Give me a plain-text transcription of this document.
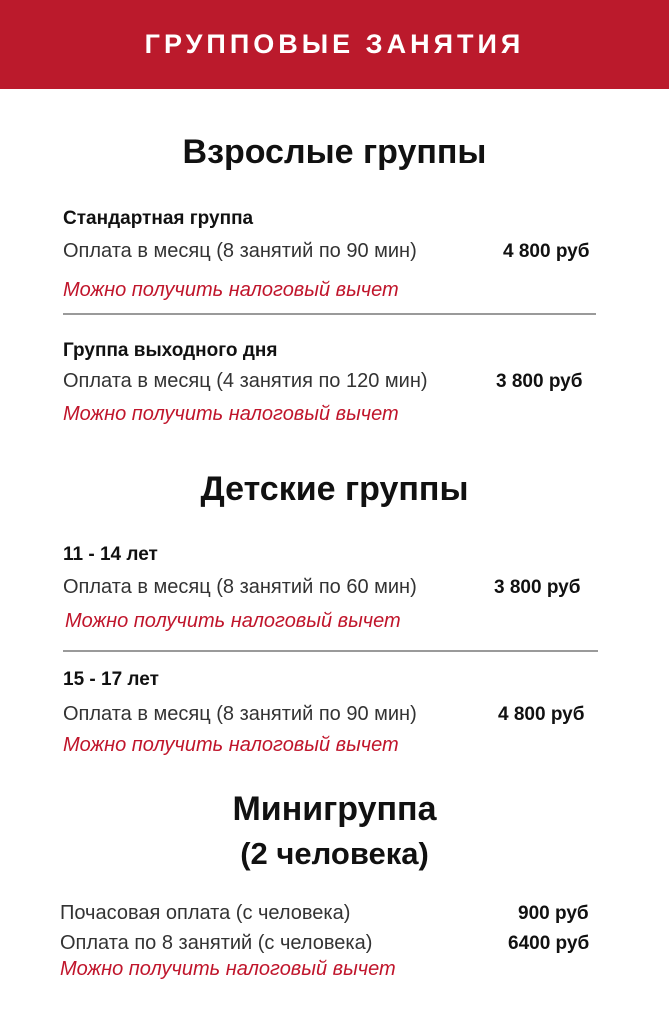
ГРУППОВЫЕ ЗАНЯТИЯ
Взрослые группы
Стандартная группа
Оплата в месяц (8 занятий по 90 мин)	4 800 руб
Можно получить налоговый вычет
Группа выходного дня
Оплата в месяц (4 занятия по 120 мин)	3 800 руб
Можно получить налоговый вычет
Детские группы
11 - 14 лет
Оплата в месяц (8 занятий по 60 мин)	3 800 руб
Можно получить налоговый вычет
15 - 17 лет
Оплата в месяц (8 занятий по 90 мин)	4 800 руб
Можно получить налоговый вычет
Минигруппа
(2 человека)
Почасовая оплата (с человека)	900 руб
Оплата по 8 занятий (с человека)	6400 руб
Можно получить налоговый вычет
